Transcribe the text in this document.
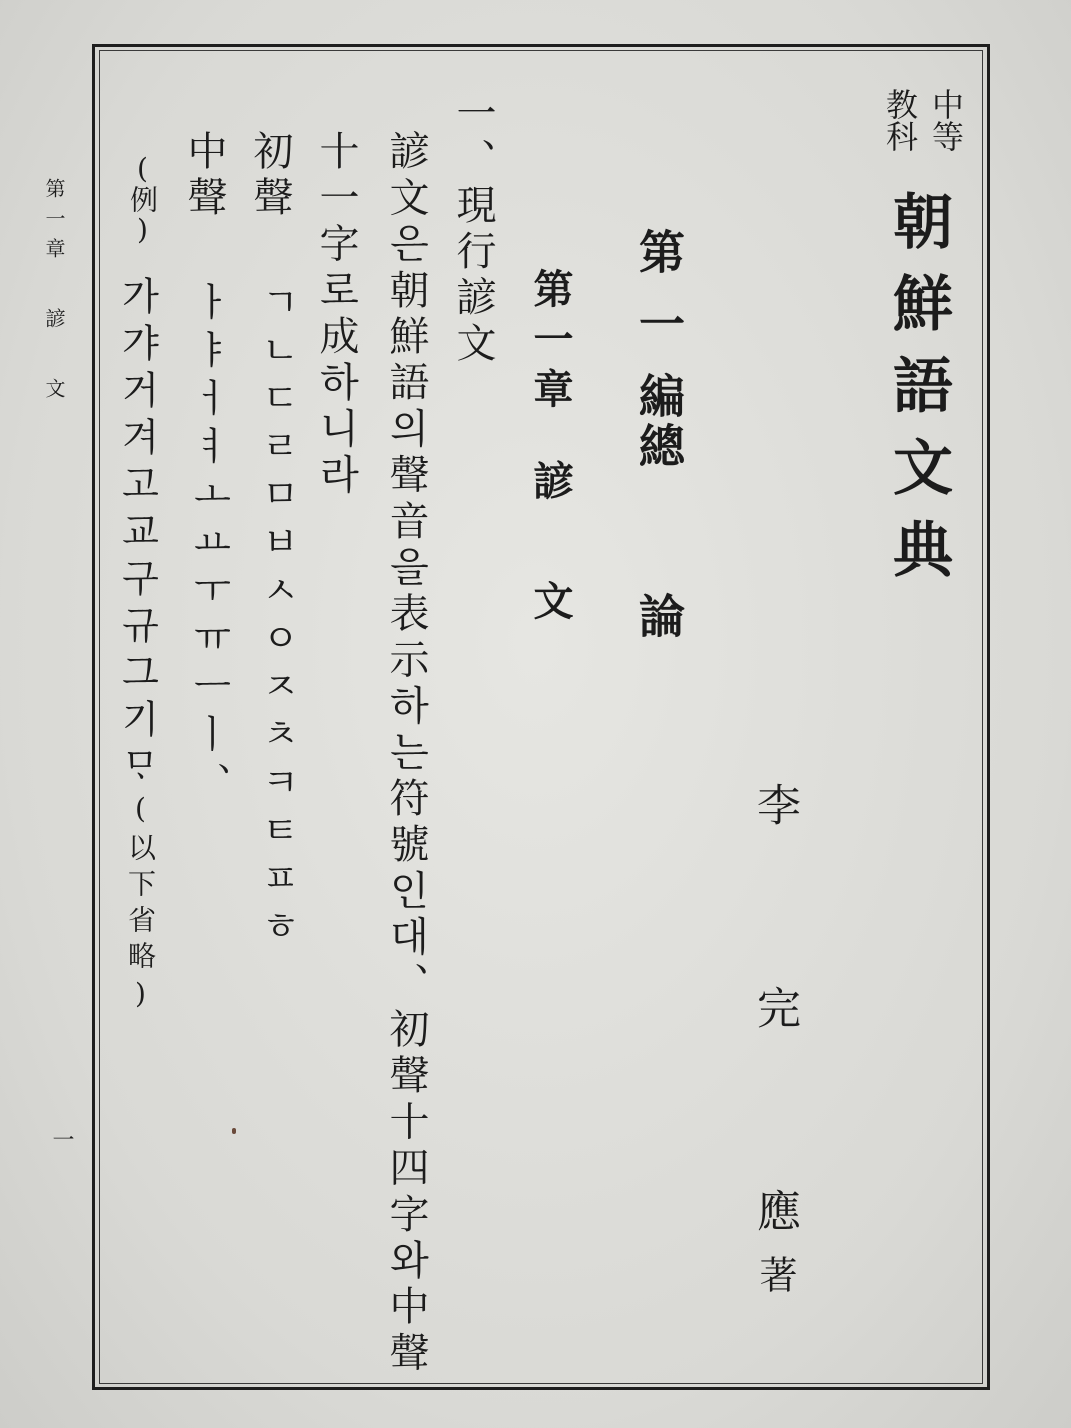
第一章諺文
一
中等
教科
朝鮮語文典
李
完
應
著
第一編
總論
第一章
諺文
一、現行諺文
諺文은朝鮮語의聲音을表示하는符號인대、初聲十四字와中聲
十一字로成하니라
初聲
ㄱㄴㄷㄹㅁㅂㅅㅇㅈㅊㅋㅌㅍㅎ
中聲
ㅏㅑㅓㅕㅗㅛㅜㅠㅡㅣ、
(例)
가갸거겨고교구규그기ᄆᆞ
(以下省略)
